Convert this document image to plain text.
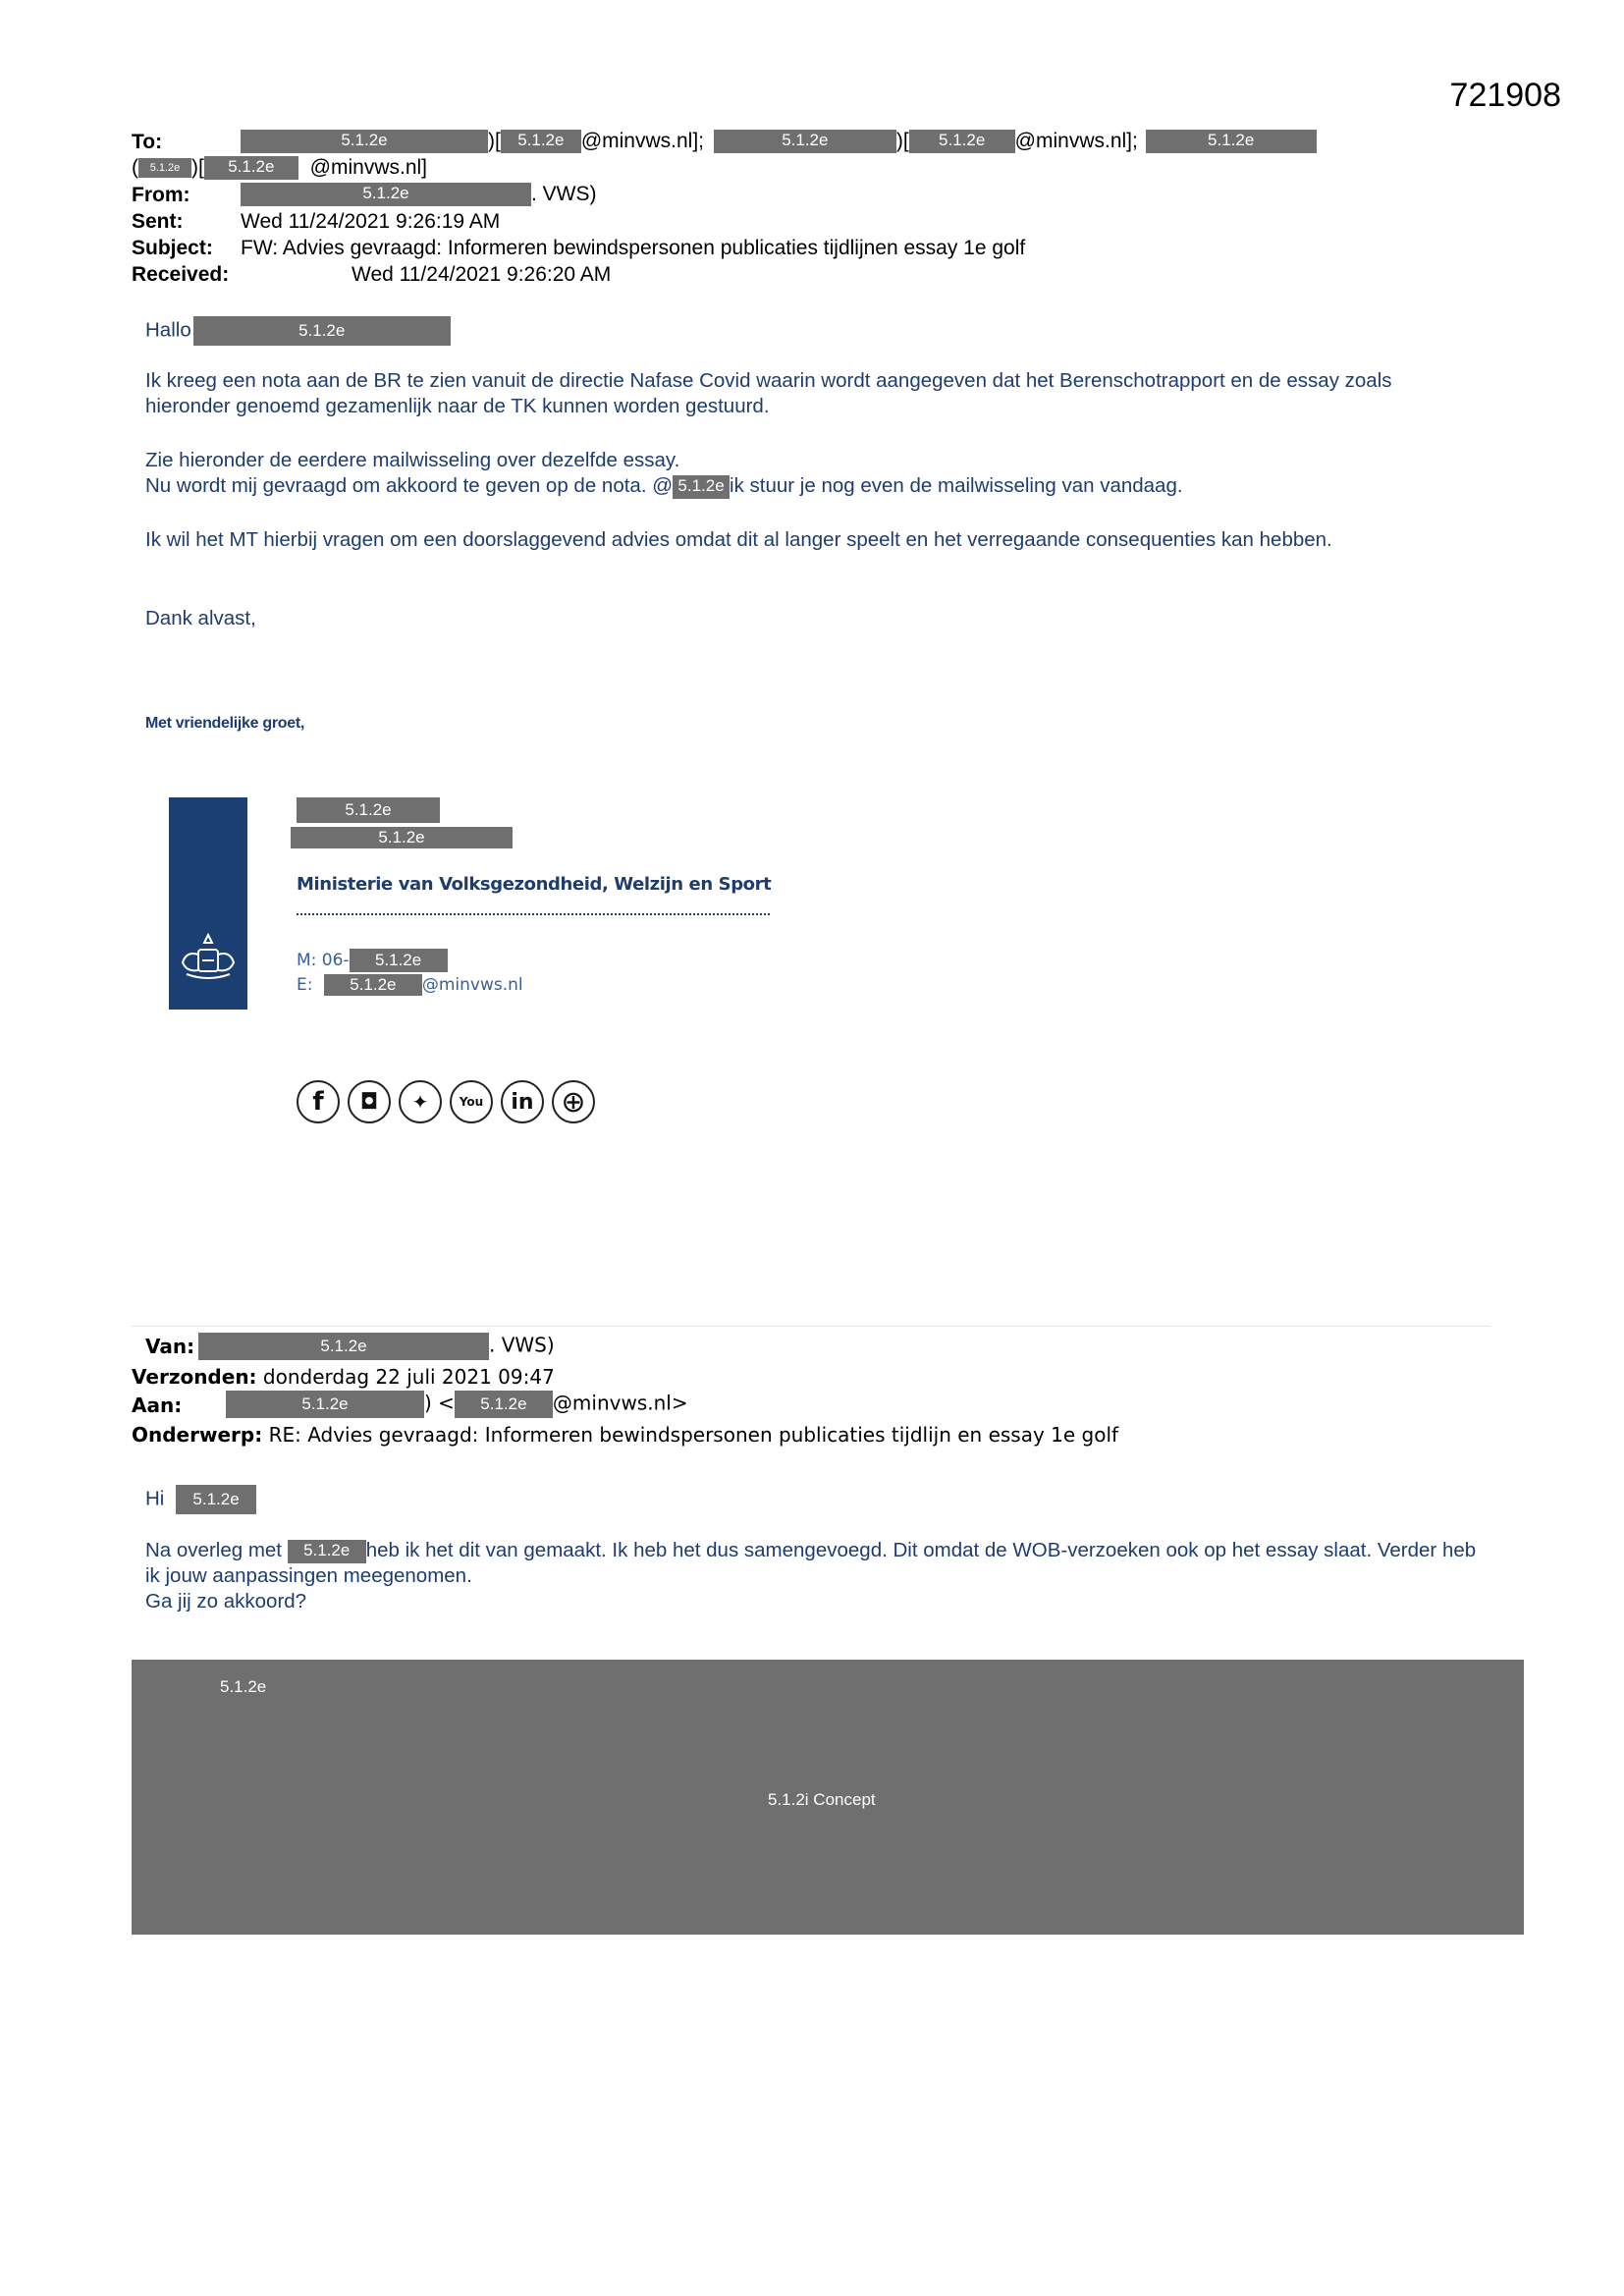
721908
To:	5.1.2e	)[ 5.1.2e @minvws.nl];	5.1.2e	)[ 5.1.2e @minvws.nl];	5.1.2e
( 5.1.2e )[ 5.1.2e @minvws.nl]
From:	5.1.2e	. VWS)
Sent:	Wed 11/24/2021 9:26:19 AM
Subject: FW: Advies gevraagd: Informeren bewindspersonen publicaties tijdlijnen essay 1e golf
Received:	Wed 11/24/2021 9:26:20 AM
Hallo	5.1.2e
Ik kreeg een nota aan de BR te zien vanuit de directie Nafase Covid waarin wordt aangegeven dat het Berenschotrapport en de essay zoals hieronder genoemd gezamenlijk naar de TK kunnen worden gestuurd.
Zie hieronder de eerdere mailwisseling over dezelfde essay.
Nu wordt mij gevraagd om akkoord te geven op de nota. @ 5.1.2e ik stuur je nog even de mailwisseling van vandaag.
Ik wil het MT hierbij vragen om een doorslaggevend advies omdat dit al langer speelt en het verregaande consequenties kan hebben.
Dank alvast,
Met vriendelijke groet,
5.1.2e
5.1.2e
Ministerie van Volksgezondheid, Welzijn en Sport
M: 06- 5.1.2e
E: 5.1.2e @minvws.nl
f ◘ ✦	You in ⊕
Van:	5.1.2e	. VWS)
Verzonden: donderdag 22 juli 2021 09:47
Aan:	5.1.2e	) < 5.1.2e @minvws.nl>
Onderwerp: RE: Advies gevraagd: Informeren bewindspersonen publicaties tijdlijn en essay 1e golf
Hi 5.1.2e
Na overleg met 5.1.2e heb ik het dit van gemaakt. Ik heb het dus samengevoegd. Dit omdat de WOB-verzoeken ook op het essay slaat. Verder heb ik jouw aanpassingen meegenomen.
Ga jij zo akkoord?
5.1.2e
5.1.2i Concept
